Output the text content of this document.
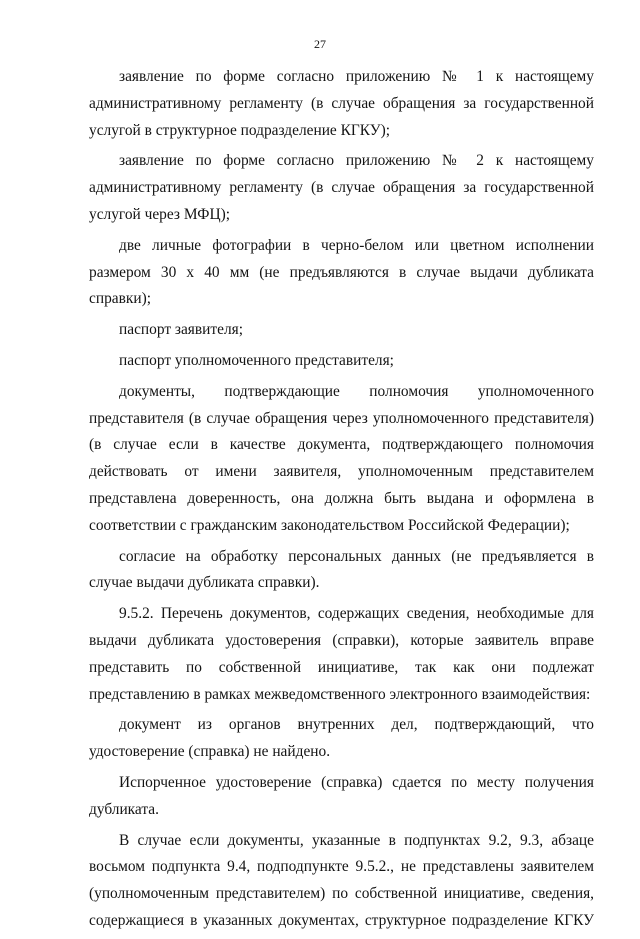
27

заявление по форме согласно приложению № 1 к настоящему административному регламенту (в случае обращения за государственной услугой в структурное подразделение КГКУ);

заявление по форме согласно приложению № 2 к настоящему административному регламенту (в случае обращения за государственной услугой через МФЦ);

две личные фотографии в черно-белом или цветном исполнении размером 30 х 40 мм (не предъявляются в случае выдачи дубликата справки);

паспорт заявителя;

паспорт уполномоченного представителя;

документы, подтверждающие полномочия уполномоченного представителя (в случае обращения через уполномоченного представителя) (в случае если в качестве документа, подтверждающего полномочия действовать от имени заявителя, уполномоченным представителем представлена доверенность, она должна быть выдана и оформлена в соответствии с гражданским законодательством Российской Федерации);

согласие на обработку персональных данных (не предъявляется в случае выдачи дубликата справки).

9.5.2. Перечень документов, содержащих сведения, необходимые для выдачи дубликата удостоверения (справки), которые заявитель вправе представить по собственной инициативе, так как они подлежат представлению в рамках межведомственного электронного взаимодействия:

документ из органов внутренних дел, подтверждающий, что удостоверение (справка) не найдено.

Испорченное удостоверение (справка) сдается по месту получения дубликата.

В случае если документы, указанные в подпунктах 9.2, 9.3, абзаце восьмом подпункта 9.4, подподпункте 9.5.2., не представлены заявителем (уполномоченным представителем) по собственной инициативе, сведения, содержащиеся в указанных документах, структурное подразделение КГКУ
